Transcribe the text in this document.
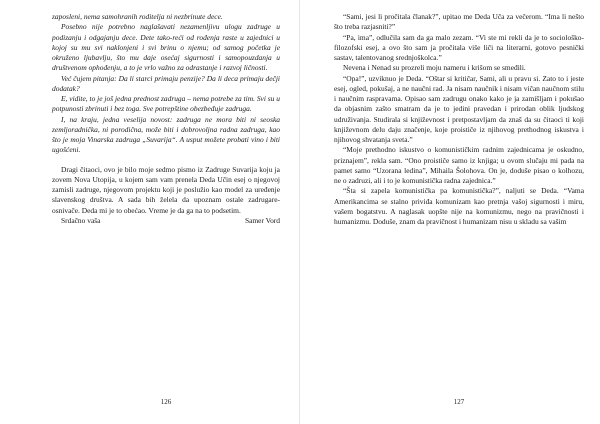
zaposleni, nema samohranih roditelja ni nezbrinute dece.

Posebno nije potrebno naglašavati nezamenljivu ulogu zadruge u podizanju i odgajanju dece. Dete tako-reći od rođenja raste u zajednici u kojoj su mu svi naklonjeni i svi brinu o njemu; od samog početka je okruženo ljubavlju, što mu daje osećaj sigurnosti i samopouzdanja u društvenom ophođenju, a to je vrlo važno za odrastanje i razvoj ličnosti.

Već čujem pitanja: Da li starci primaju penzije? Da li deca primaju dečji dodatak?

E, vidite, to je još jedna prednost zadruga – nema potrebe za tim. Svi su u potpunosti zbrinuti i bez toga. Sve potrepštine obezbeđuje zadruga.

I, na kraju, jedna veselija novost: zadruga ne mora biti ni seoska zemljoradnička, ni porodična, može biti i dobrovoljna radna zadruga, kao što je moja Vinarska zadruga „Suvarija“. A usput možete probati vino i biti ugošćeni.

Dragi čitaoci, ovo je bilo moje sedmo pismo iz Zadruge Suvarija koju ja zovem Nova Utopija, u kojem sam vam prenela Deda Učin esej o njegovoj zamisli zadruge, njegovom projektu koji je poslužio kao model za uređenje slavenskog društva. A sada bih želela da upoznam ostale zadrugare-osnivače. Deda mi je to obećao. Vreme je da ga na to podsetim.

Srdačno vaša	Samer Vord

126

“Sami, jesi li pročitala članak?”, upitao me Deda Uča za večerom. “Ima li nešto što treba razjasniti?”

“Pa, ima”, odlučila sam da ga malo zezam. “Vi ste mi rekli da je to sociološko-filozofski esej, a ovo što sam ja pročitala više liči na literarni, gotovo pesnički sastav, talentovanog srednjoškolca.”

Nevena i Nenad su prozreli moju nameru i krišom se smeđili.

“Opa!”, uzviknuo je Deda. “Oštar si kritičar, Sami, ali u pravu si. Zato to i jeste esej, ogled, pokušaj, a ne naučni rad. Ja nisam naučnik i nisam vičan naučnom stilu i naučnim raspravama. Opisao sam zadrugu onako kako je ja zamišljam i pokušao da objasnim zašto smatram da je to jedini pravedan i prirodan oblik ljudskog udruživanja. Studirala si književnost i pretpostavljam da znaš da su čitaoci ti koji književnom delu daju značenje, koje proističe iz njihovog prethodnog iskustva i njihovog shvatanja sveta.”

“Moje prethodno iskustvo o komunističkim radnim zajednicama je oskudno, priznajem”, rekla sam. “Ono proističe samo iz knjiga; u ovom slučaju mi pada na pamet samo “Uzorana ledina”, Mihaila Šolohova. On je, doduše pisao o kolhozu, ne o zadruzi, ali i to je komunistička radna zajednica.”

“Šta si zapela komunistička pa komunistička?”, naljuti se Deda. “Vama Amerikancima se stalno priviđa komunizam kao pretnja vašoj sigurnosti i miru, vašem bogatstvu. A naglasak uopšte nije na komunizmu, nego na pravičnosti i humanizmu. Doduše, znam da pravičnost i humanizam nisu u skladu sa vašim

127
